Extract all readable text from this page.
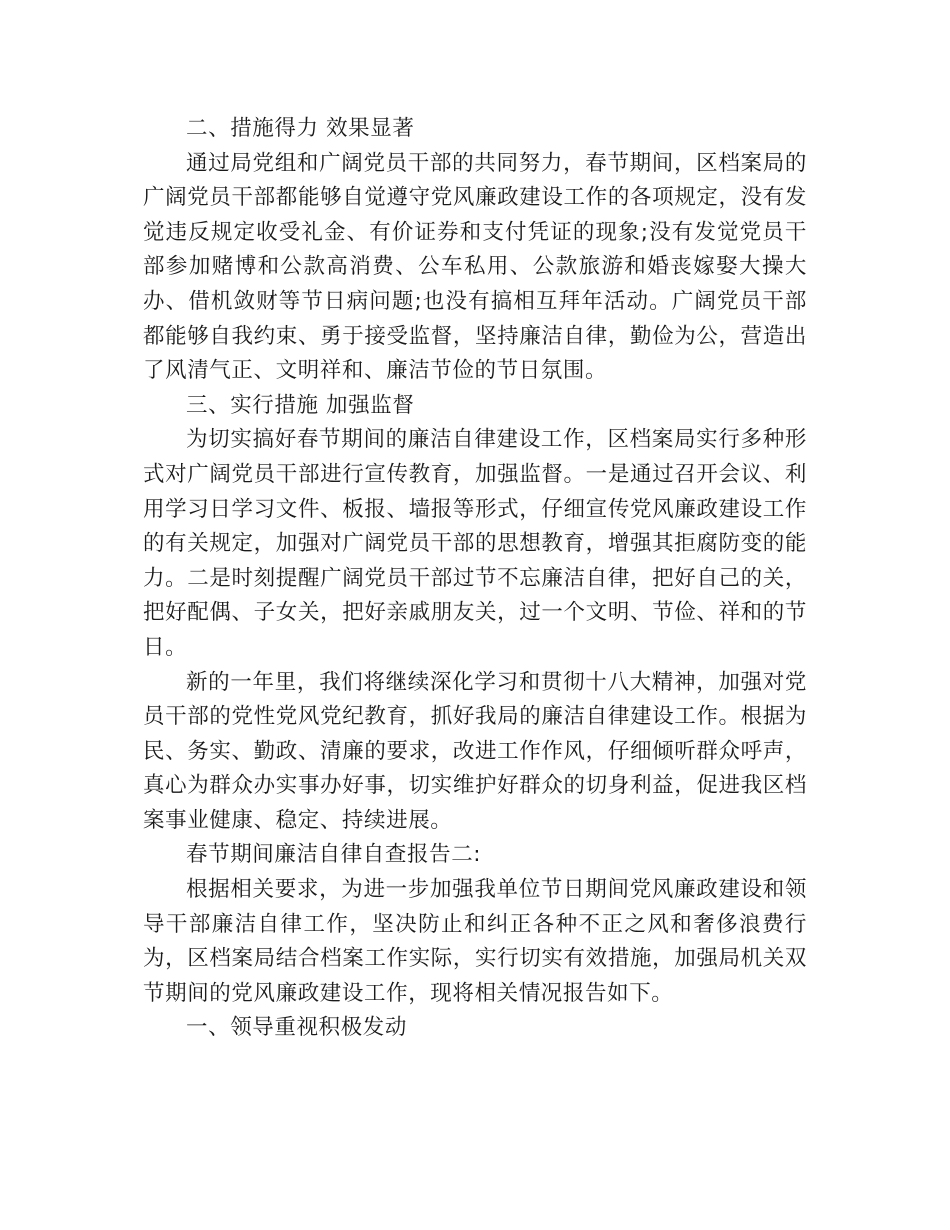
二、措施得力 效果显著

通过局党组和广阔党员干部的共同努力，春节期间，区档案局的广阔党员干部都能够自觉遵守党风廉政建设工作的各项规定，没有发觉违反规定收受礼金、有价证券和支付凭证的现象;没有发觉党员干部参加赌博和公款高消费、公车私用、公款旅游和婚丧嫁娶大操大办、借机敛财等节日病问题;也没有搞相互拜年活动。广阔党员干部都能够自我约束、勇于接受监督，坚持廉洁自律，勤俭为公，营造出了风清气正、文明祥和、廉洁节俭的节日氛围。

三、实行措施 加强监督

为切实搞好春节期间的廉洁自律建设工作，区档案局实行多种形式对广阔党员干部进行宣传教育，加强监督。一是通过召开会议、利用学习日学习文件、板报、墙报等形式，仔细宣传党风廉政建设工作的有关规定，加强对广阔党员干部的思想教育，增强其拒腐防变的能力。二是时刻提醒广阔党员干部过节不忘廉洁自律，把好自己的关，把好配偶、子女关，把好亲戚朋友关，过一个文明、节俭、祥和的节日。

新的一年里，我们将继续深化学习和贯彻十八大精神，加强对党员干部的党性党风党纪教育，抓好我局的廉洁自律建设工作。根据为民、务实、勤政、清廉的要求，改进工作作风，仔细倾听群众呼声，真心为群众办实事办好事，切实维护好群众的切身利益，促进我区档案事业健康、稳定、持续进展。

春节期间廉洁自律自查报告二:

根据相关要求，为进一步加强我单位节日期间党风廉政建设和领导干部廉洁自律工作，坚决防止和纠正各种不正之风和奢侈浪费行为，区档案局结合档案工作实际，实行切实有效措施，加强局机关双节期间的党风廉政建设工作，现将相关情况报告如下。

一、领导重视积极发动
